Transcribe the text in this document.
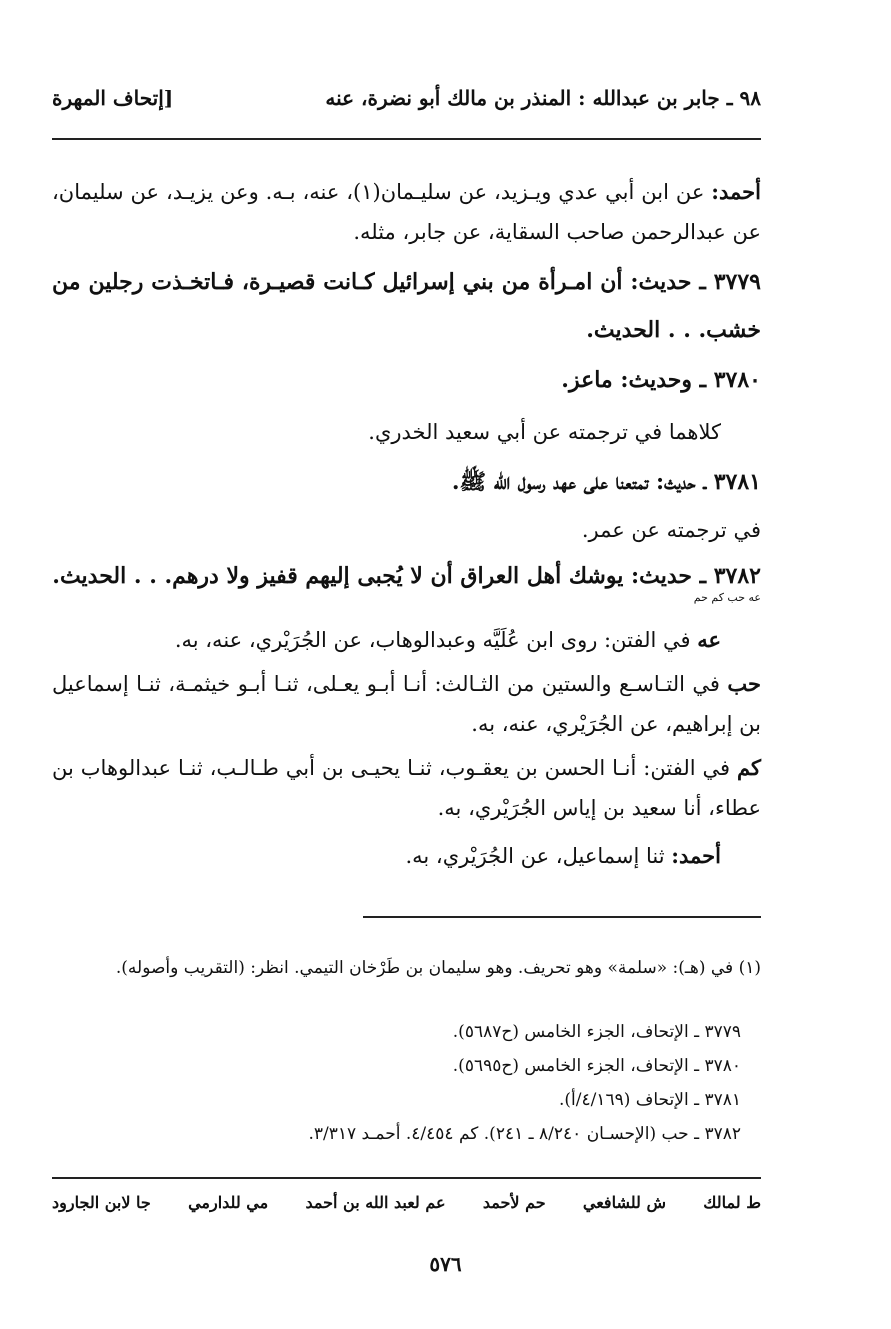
٩٨ ـ جابر بن عبدالله : المنذر بن مالك أبو نضرة، عنه
[إتحاف المهرة
أحمد: عن ابن أبي عدي ويـزيد، عن سليـمان(١)، عنه، بـه. وعن يزيـد، عن سليمان، عن عبدالرحمن صاحب السقاية، عن جابر، مثله.
٣٧٧٩ ـ حديث: أن امـرأة من بني إسرائيل كـانت قصيـرة، فـاتخـذت رجلين من خشب. . . الحديث.
٣٧٨٠ ـ وحديث: ماعز.
كلاهما في ترجمته عن أبي سعيد الخدري.
٣٧٨١ ـ حديث: تمتعنا على عهد رسول الله ﷺ.
في ترجمته عن عمر.
٣٧٨٢ ـ حديث: يوشك أهل العراق أن لا يُجبى إليهم قفيز ولا درهم. . . الحديث.
عه حب كم حم
عه في الفتن: روى ابن عُلَيَّه وعبدالوهاب، عن الجُرَيْري، عنه، به.
حب في التـاسـع والستين من الثـالث: أنـا أبـو يعـلى، ثنـا أبـو خيثمـة، ثنـا إسماعيل بن إبراهيم، عن الجُرَيْري، عنه، به.
كم في الفتن: أنـا الحسن بن يعقـوب، ثنـا يحيـى بن أبي طـالـب، ثنـا عبدالوهاب بن عطاء، أنا سعيد بن إياس الجُرَيْري، به.
أحمد: ثنا إسماعيل، عن الجُرَيْري، به.
(١) في (هـ): «سلمة» وهو تحريف. وهو سليمان بن طَرْخان التيمي. انظر: (التقريب وأصوله).
٣٧٧٩ ـ الإتحاف، الجزء الخامس (ح٥٦٨٧).
٣٧٨٠ ـ الإتحاف، الجزء الخامس (ح٥٦٩٥).
٣٧٨١ ـ الإتحاف (٤/١٦٩/أ).
٣٧٨٢ ـ حب (الإحسـان ٨/٢٤٠ ـ ٢٤١). كم ٤/٤٥٤. أحمـد ٣/٣١٧.
ط لمالك
ش للشافعي
حم لأحمد
عم لعبد الله بن أحمد
مي للدارمي
جا لابن الجارود
٥٧٦
